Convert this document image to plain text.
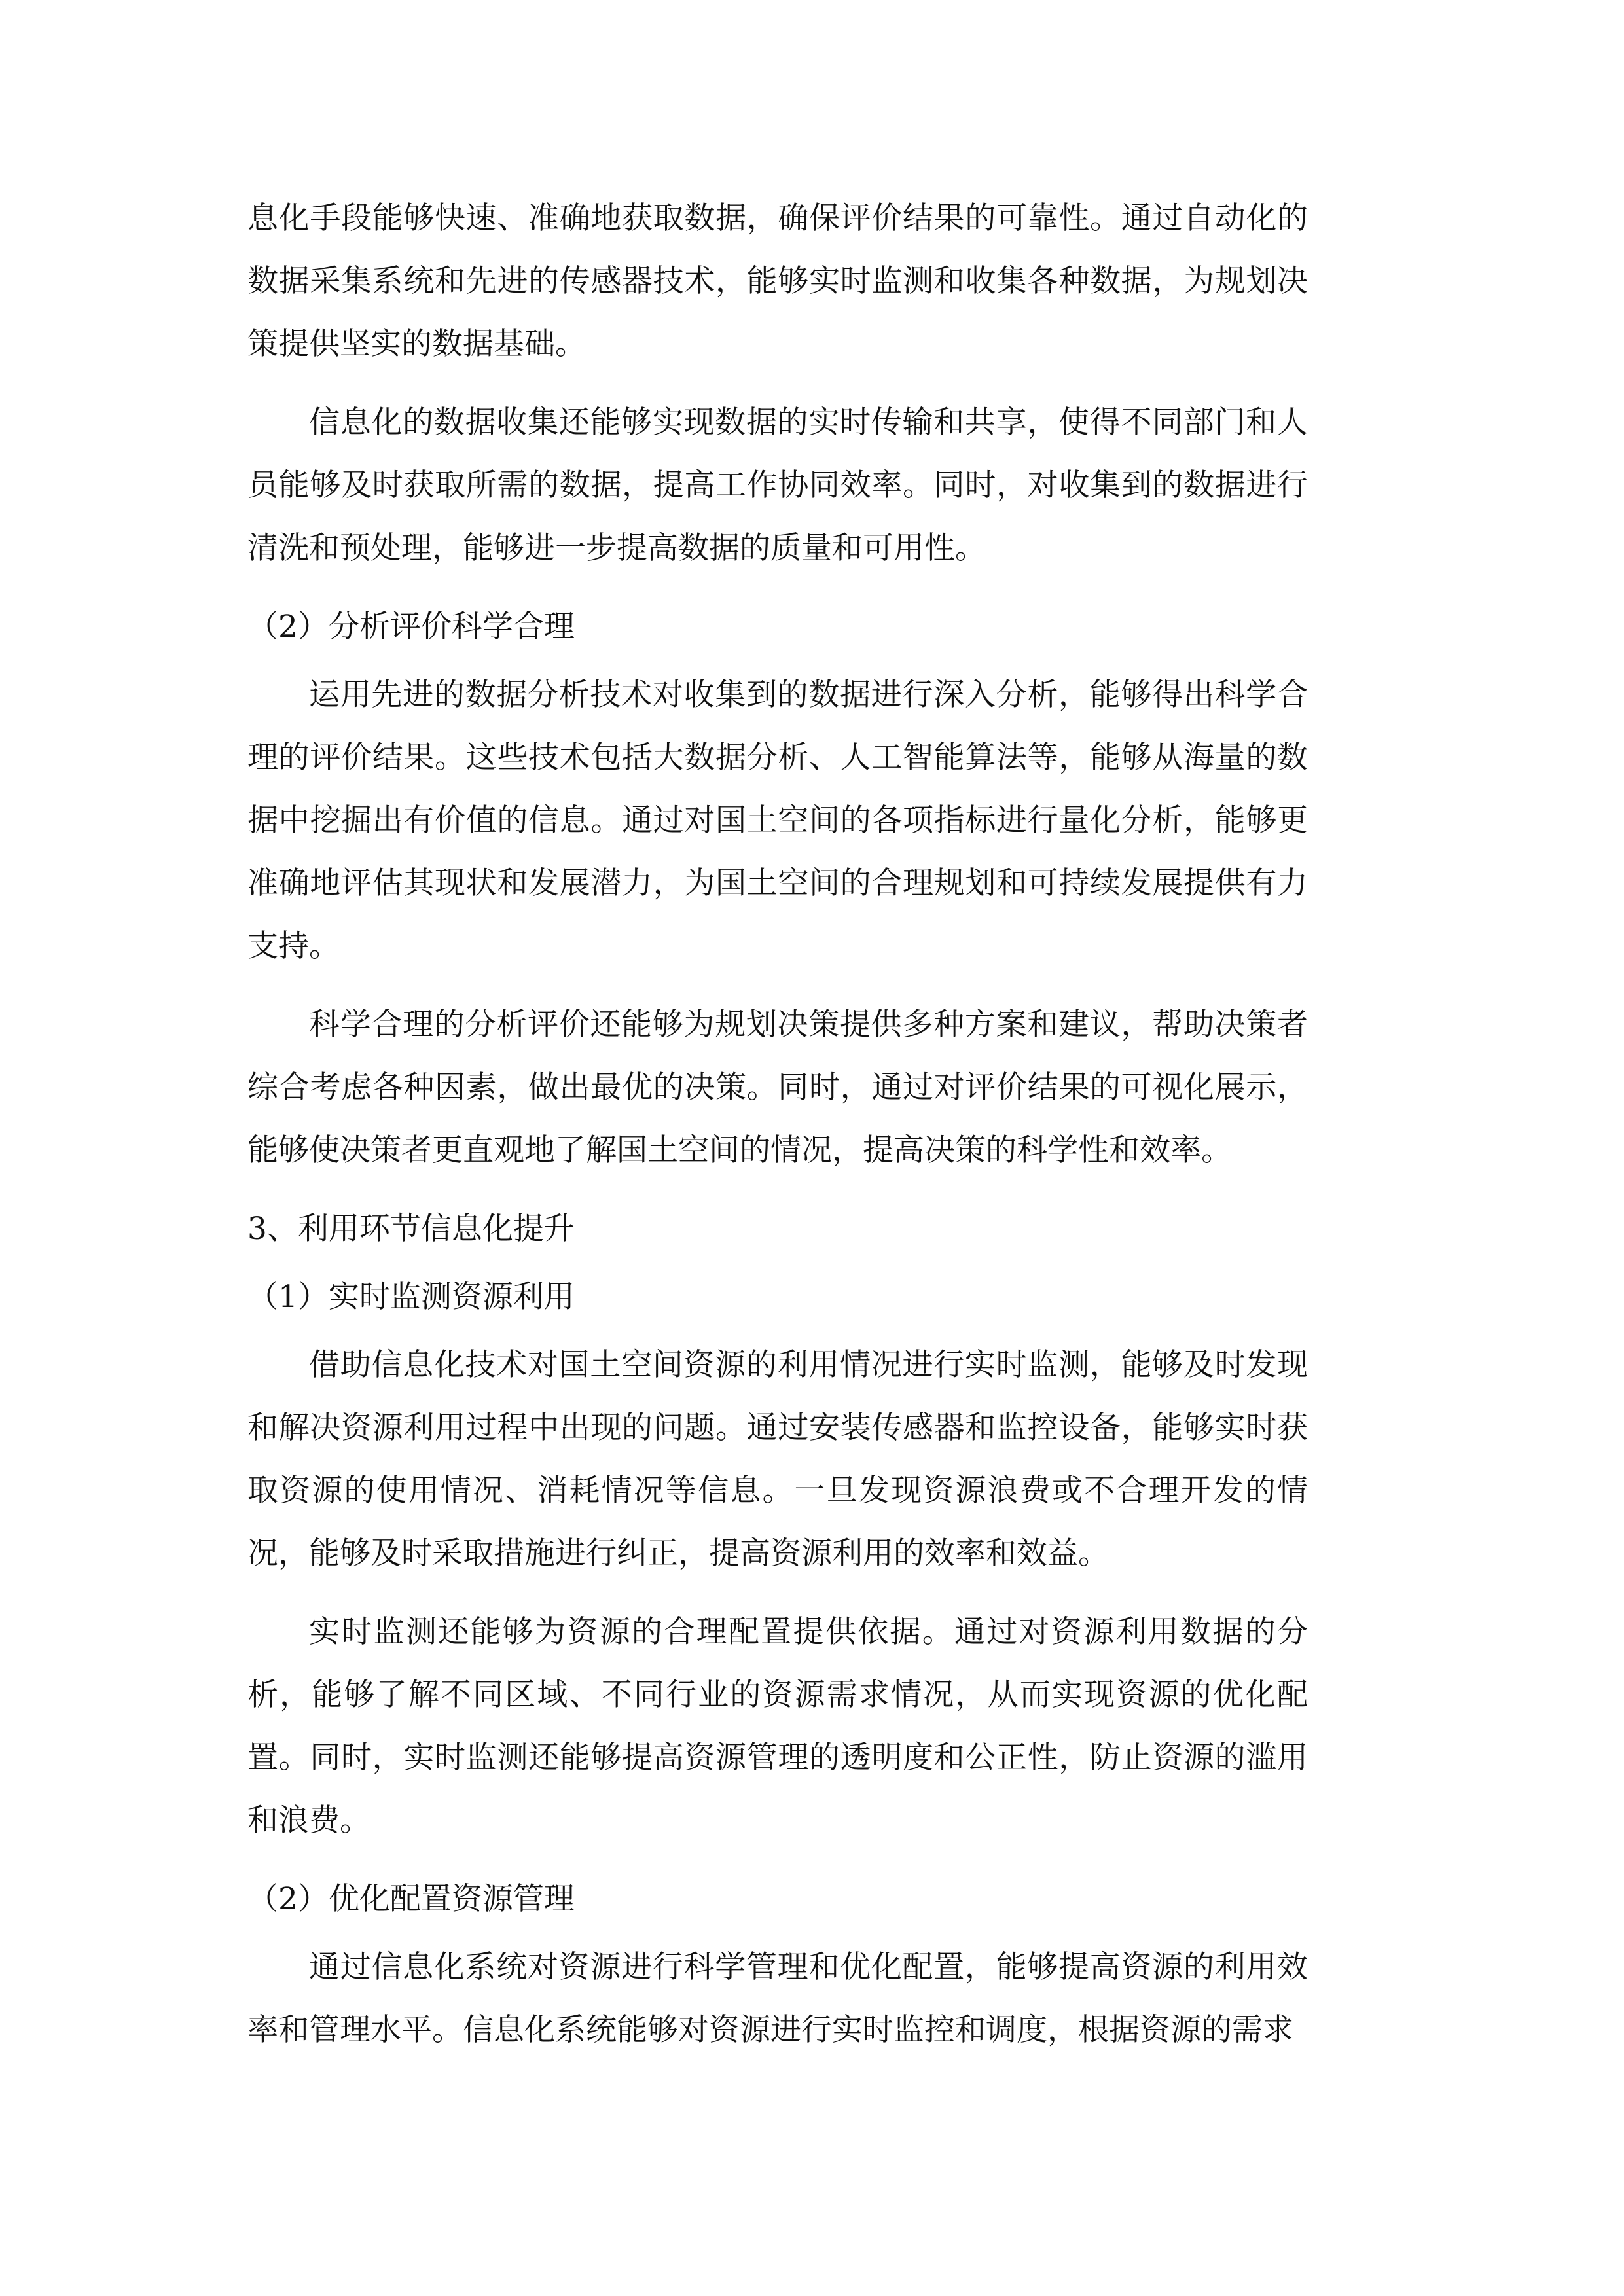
息化手段能够快速、准确地获取数据，确保评价结果的可靠性。通过自动化的数据采集系统和先进的传感器技术，能够实时监测和收集各种数据，为规划决策提供坚实的数据基础。

信息化的数据收集还能够实现数据的实时传输和共享，使得不同部门和人员能够及时获取所需的数据，提高工作协同效率。同时，对收集到的数据进行清洗和预处理，能够进一步提高数据的质量和可用性。

（2）分析评价科学合理

运用先进的数据分析技术对收集到的数据进行深入分析，能够得出科学合理的评价结果。这些技术包括大数据分析、人工智能算法等，能够从海量的数据中挖掘出有价值的信息。通过对国土空间的各项指标进行量化分析，能够更准确地评估其现状和发展潜力，为国土空间的合理规划和可持续发展提供有力支持。

科学合理的分析评价还能够为规划决策提供多种方案和建议，帮助决策者综合考虑各种因素，做出最优的决策。同时，通过对评价结果的可视化展示，能够使决策者更直观地了解国土空间的情况，提高决策的科学性和效率。

3、利用环节信息化提升

（1）实时监测资源利用

借助信息化技术对国土空间资源的利用情况进行实时监测，能够及时发现和解决资源利用过程中出现的问题。通过安装传感器和监控设备，能够实时获取资源的使用情况、消耗情况等信息。一旦发现资源浪费或不合理开发的情况，能够及时采取措施进行纠正，提高资源利用的效率和效益。

实时监测还能够为资源的合理配置提供依据。通过对资源利用数据的分析，能够了解不同区域、不同行业的资源需求情况，从而实现资源的优化配置。同时，实时监测还能够提高资源管理的透明度和公正性，防止资源的滥用和浪费。

（2）优化配置资源管理

通过信息化系统对资源进行科学管理和优化配置，能够提高资源的利用效率和管理水平。信息化系统能够对资源进行实时监控和调度，根据资源的需求
